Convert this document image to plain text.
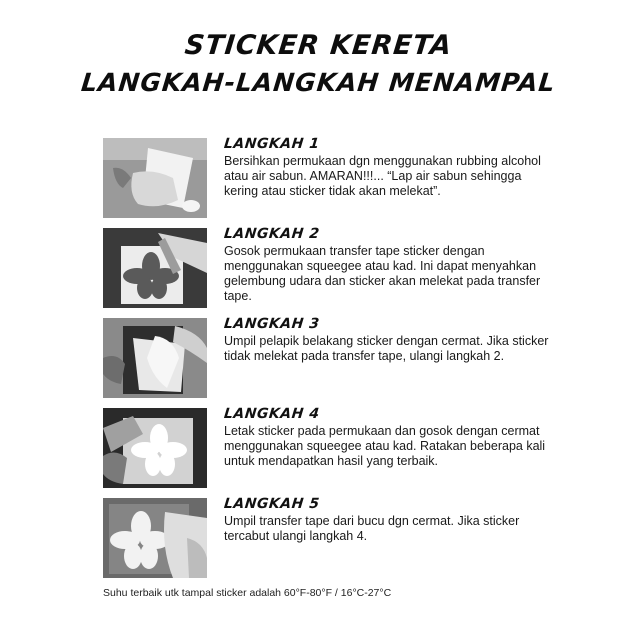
STICKER KERETA
LANGKAH-LANGKAH MENAMPAL
LANGKAH 1
Bersihkan permukaan dgn menggunakan rubbing alcohol atau air sabun. AMARAN!!!... “Lap air sabun sehingga kering atau sticker tidak akan melekat”.
LANGKAH 2
Gosok permukaan transfer tape sticker dengan menggunakan squeegee atau kad. Ini dapat menyahkan gelembung udara dan sticker akan melekat pada transfer tape.
LANGKAH 3
Umpil pelapik belakang sticker dengan cermat. Jika sticker tidak melekat pada transfer tape, ulangi langkah 2.
LANGKAH 4
Letak sticker pada permukaan dan gosok dengan cermat menggunakan squeegee atau kad. Ratakan beberapa kali untuk mendapatkan hasil yang terbaik.
LANGKAH 5
Umpil transfer tape dari bucu dgn cermat. Jika sticker tercabut ulangi langkah 4.
Suhu terbaik utk tampal sticker adalah 60°F-80°F / 16°C-27°C
